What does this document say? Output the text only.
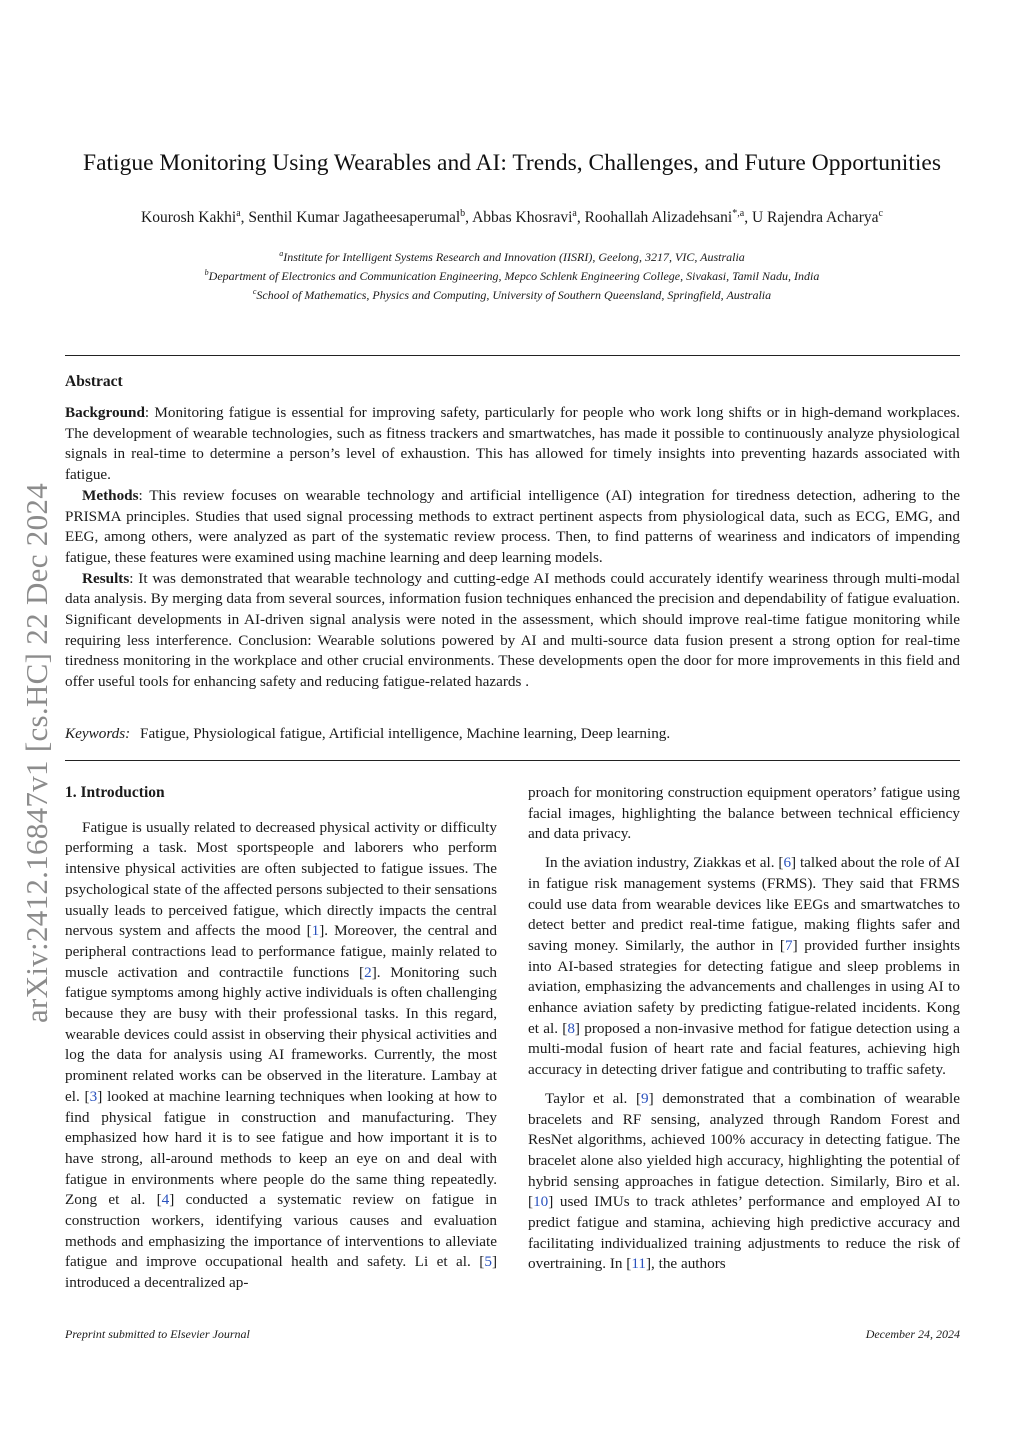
arXiv:2412.16847v1 [cs.HC] 22 Dec 2024
Fatigue Monitoring Using Wearables and AI: Trends, Challenges, and Future Opportunities
Kourosh Kakhi$^a$, Senthil Kumar Jagatheesaperumal$^b$, Abbas Khosravi$^a$, Roohallah Alizadehsani$^{*,a}$, U Rajendra Acharya$^c$
$^a$Institute for Intelligent Systems Research and Innovation (IISRI), Geelong, 3217, VIC, Australia
$^b$Department of Electronics and Communication Engineering, Mepco Schlenk Engineering College, Sivakasi, Tamil Nadu, India
$^c$School of Mathematics, Physics and Computing, University of Southern Queensland, Springfield, Australia
Abstract

Background: Monitoring fatigue is essential for improving safety, particularly for people who work long shifts or in high-demand workplaces. The development of wearable technologies, such as fitness trackers and smartwatches, has made it possible to continuously analyze physiological signals in real-time to determine a person’s level of exhaustion. This has allowed for timely insights into preventing hazards associated with fatigue.

Methods: This review focuses on wearable technology and artificial intelligence (AI) integration for tiredness detection, adhering to the PRISMA principles. Studies that used signal processing methods to extract pertinent aspects from physiological data, such as ECG, EMG, and EEG, among others, were analyzed as part of the systematic review process. Then, to find patterns of weariness and indicators of impending fatigue, these features were examined using machine learning and deep learning models.

Results: It was demonstrated that wearable technology and cutting-edge AI methods could accurately identify weariness through multi-modal data analysis. By merging data from several sources, information fusion techniques enhanced the precision and dependability of fatigue evaluation. Significant developments in AI-driven signal analysis were noted in the assessment, which should improve real-time fatigue monitoring while requiring less interference. Conclusion: Wearable solutions powered by AI and multi-source data fusion present a strong option for real-time tiredness monitoring in the workplace and other crucial environments. These developments open the door for more improvements in this field and offer useful tools for enhancing safety and reducing fatigue-related hazards .

Keywords: Fatigue, Physiological fatigue, Artificial intelligence, Machine learning, Deep learning.
1. Introduction

Fatigue is usually related to decreased physical activity or difficulty performing a task. Most sportspeople and laborers who perform intensive physical activities are often subjected to fatigue issues. The psychological state of the affected persons subjected to their sensations usually leads to perceived fatigue, which directly impacts the central nervous system and affects the mood [1]. Moreover, the central and peripheral contractions lead to performance fatigue, mainly related to muscle activation and contractile functions [2]. Monitoring such fatigue symptoms among highly active individuals is often challenging because they are busy with their professional tasks. In this regard, wearable devices could assist in observing their physical activities and log the data for analysis using AI frameworks. Currently, the most prominent related works can be observed in the literature. Lambay at el. [3] looked at machine learning techniques when looking at how to find physical fatigue in construction and manufacturing. They emphasized how hard it is to see fatigue and how important it is to have strong, all-around methods to keep an eye on and deal with fatigue in environments where people do the same thing repeatedly. Zong et al. [4] conducted a systematic review on fatigue in construction workers, identifying various causes and evaluation methods and emphasizing the importance of interventions to alleviate fatigue and improve occupational health and safety. Li et al. [5] introduced a decentralized ap-

proach for monitoring construction equipment operators’ fatigue using facial images, highlighting the balance between technical efficiency and data privacy.

In the aviation industry, Ziakkas et al. [6] talked about the role of AI in fatigue risk management systems (FRMS). They said that FRMS could use data from wearable devices like EEGs and smartwatches to detect better and predict real-time fatigue, making flights safer and saving money. Similarly, the author in [7] provided further insights into AI-based strategies for detecting fatigue and sleep problems in aviation, emphasizing the advancements and challenges in using AI to enhance aviation safety by predicting fatigue-related incidents. Kong et al. [8] proposed a non-invasive method for fatigue detection using a multi-modal fusion of heart rate and facial features, achieving high accuracy in detecting driver fatigue and contributing to traffic safety.

Taylor et al. [9] demonstrated that a combination of wearable bracelets and RF sensing, analyzed through Random Forest and ResNet algorithms, achieved 100% accuracy in detecting fatigue. The bracelet alone also yielded high accuracy, highlighting the potential of hybrid sensing approaches in fatigue detection. Similarly, Biro et al. [10] used IMUs to track athletes’ performance and employed AI to predict fatigue and stamina, achieving high predictive accuracy and facilitating individualized training adjustments to reduce the risk of overtraining. In [11], the authors

Preprint submitted to Elsevier Journal	December 24, 2024
